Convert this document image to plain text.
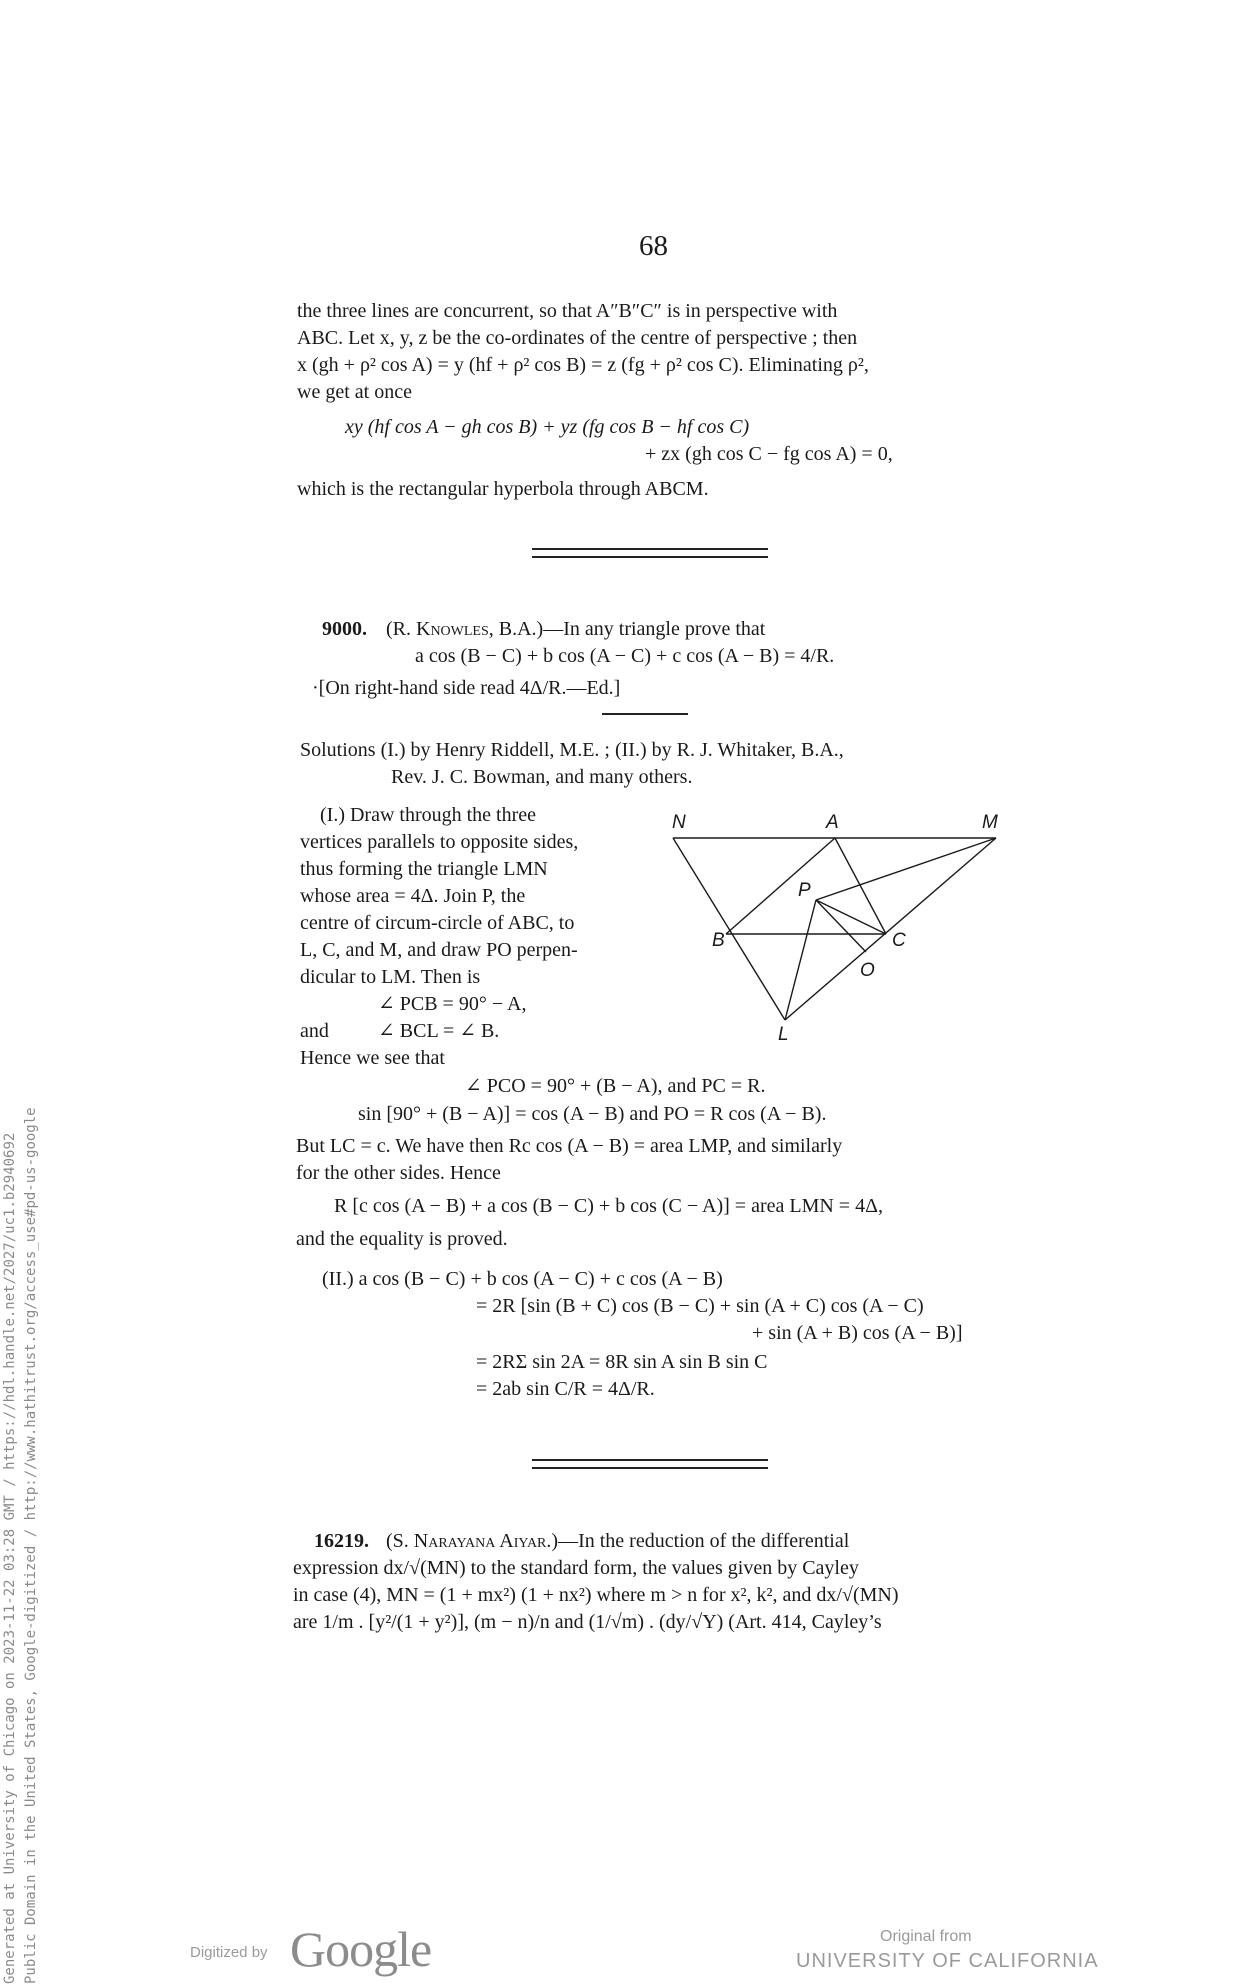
68
the three lines are concurrent, so that A″B″C″ is in perspective with
ABC. Let x, y, z be the co-ordinates of the centre of perspective ; then
x (gh + ρ² cos A) = y (hf + ρ² cos B) = z (fg + ρ² cos C). Eliminating ρ²,
we get at once
xy (hf cos A − gh cos B) + yz (fg cos B − hf cos C)
+ zx (gh cos C − fg cos A) = 0,
which is the rectangular hyperbola through ABCM.
9000. (R. Knowles, B.A.)—In any triangle prove that
a cos (B − C) + b cos (A − C) + c cos (A − B) = 4/R.
·[On right-hand side read 4Δ/R.—Ed.]
Solutions (I.) by Henry Riddell, M.E. ; (II.) by R. J. Whitaker, B.A.,
Rev. J. C. Bowman, and many others.
(I.) Draw through the three
vertices parallels to opposite sides,
thus forming the triangle LMN
whose area = 4Δ. Join P, the
centre of circum-circle of ABC, to
L, C, and M, and draw PO perpen-
dicular to LM. Then is
∠ PCB = 90° − A,
and ∠ BCL = ∠ B.
Hence we see that
∠ PCO = 90° + (B − A), and PC = R.
sin [90° + (B − A)] = cos (A − B) and PO = R cos (A − B).
But LC = c. We have then Rc cos (A − B) = area LMP, and similarly
for the other sides. Hence
R [c cos (A − B) + a cos (B − C) + b cos (C − A)] = area LMN = 4Δ,
and the equality is proved.
N	A	M
P
B	C
O
L
(II.) a cos (B − C) + b cos (A − C) + c cos (A − B)
= 2R [sin (B + C) cos (B − C) + sin (A + C) cos (A − C)
+ sin (A + B) cos (A − B)]
= 2RΣ sin 2A = 8R sin A sin B sin C
= 2ab sin C/R = 4Δ/R.
16219. (S. Narayana Aiyar.)—In the reduction of the differential
expression dx/√(MN) to the standard form, the values given by Cayley
in case (4), MN = (1 + mx²) (1 + nx²) where m > n for x², k², and dx/√(MN)
are 1/m . [y²/(1 + y²)], (m − n)/n and (1/√m) . (dy/√Y) (Art. 414, Cayley’s
Generated at University of Chicago on 2023-11-22 03:28 GMT / https://hdl.handle.net/2027/uc1.b2940692 Public Domain in the United States, Google-digitized / http://www.hathitrust.org/access_use#pd-us-google	Digitized by Google	Original from
UNIVERSITY OF CALIFORNIA
